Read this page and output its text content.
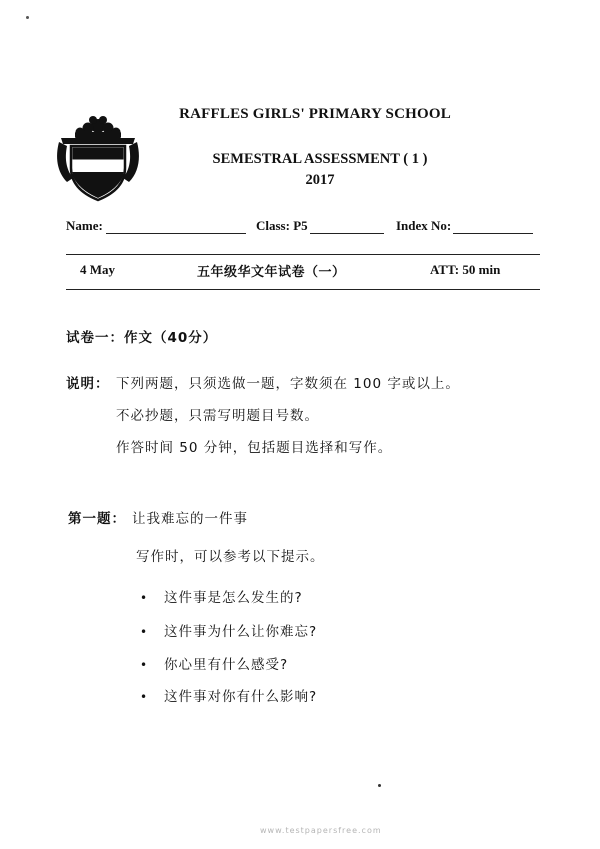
RAFFLES GIRLS' PRIMARY SCHOOL
SEMESTRAL ASSESSMENT ( 1 )
2017
Name:	Class: P5	Index No:
4 May	五年级华文年试卷（一）	ATT: 50 min
试卷一：作文（40分）
说明： 下列两题，只须选做一题，字数须在 100 字或以上。
不必抄题，只需写明题目号数。
作答时间 50 分钟，包括题目选择和写作。
第一题： 让我难忘的一件事
写作时，可以参考以下提示。
• 这件事是怎么发生的?
• 这件事为什么让你难忘?
• 你心里有什么感受?
• 这件事对你有什么影响?
www.testpapersfree.com
